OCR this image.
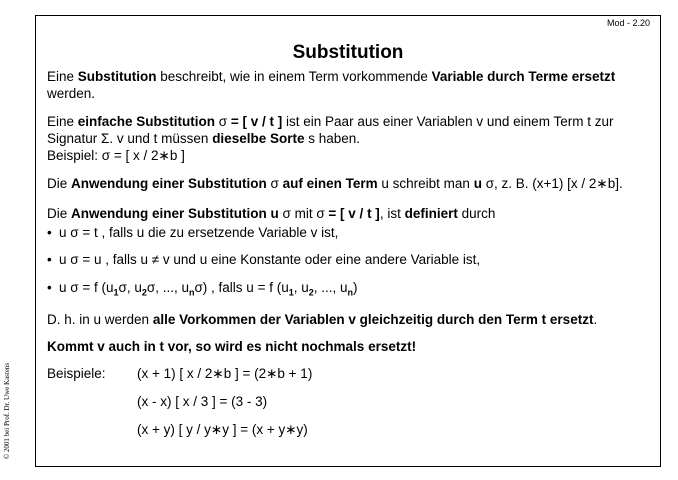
© 2001 bei Prof. Dr. Uwe Kastens
Mod - 2.20
Substitution

Eine Substitution beschreibt, wie in einem Term vorkommende Variable durch Terme ersetzt werden.

Eine einfache Substitution σ = [ v / t ] ist ein Paar aus einer Variablen v und einem Term t zur Signatur Σ. v und t müssen dieselbe Sorte s haben.
Beispiel: σ = [ x / 2∗b ]

Die Anwendung einer Substitution σ auf einen Term u schreibt man u σ, z. B. (x+1) [x / 2∗b].

Die Anwendung einer Substitution u σ mit σ = [ v / t ], ist definiert durch

• u σ = t , falls u die zu ersetzende Variable v ist,
• u σ = u , falls u ≠ v und u eine Konstante oder eine andere Variable ist,
• u σ = f ($u_1\sigma$, $u_2\sigma$, ..., $u_n\sigma$) , falls u = f ($u_1$, $u_2$, ..., $u_n$)

D. h. in u werden alle Vorkommen der Variablen v gleichzeitig durch den Term t ersetzt.

Kommt v auch in t vor, so wird es nicht nochmals ersetzt!

Beispiele: (x + 1) [ x / 2∗b ] = (2∗b + 1)
(x - x) [ x / 3 ] = (3 - 3)
(x + y) [ y / y∗y ] = (x + y∗y)
